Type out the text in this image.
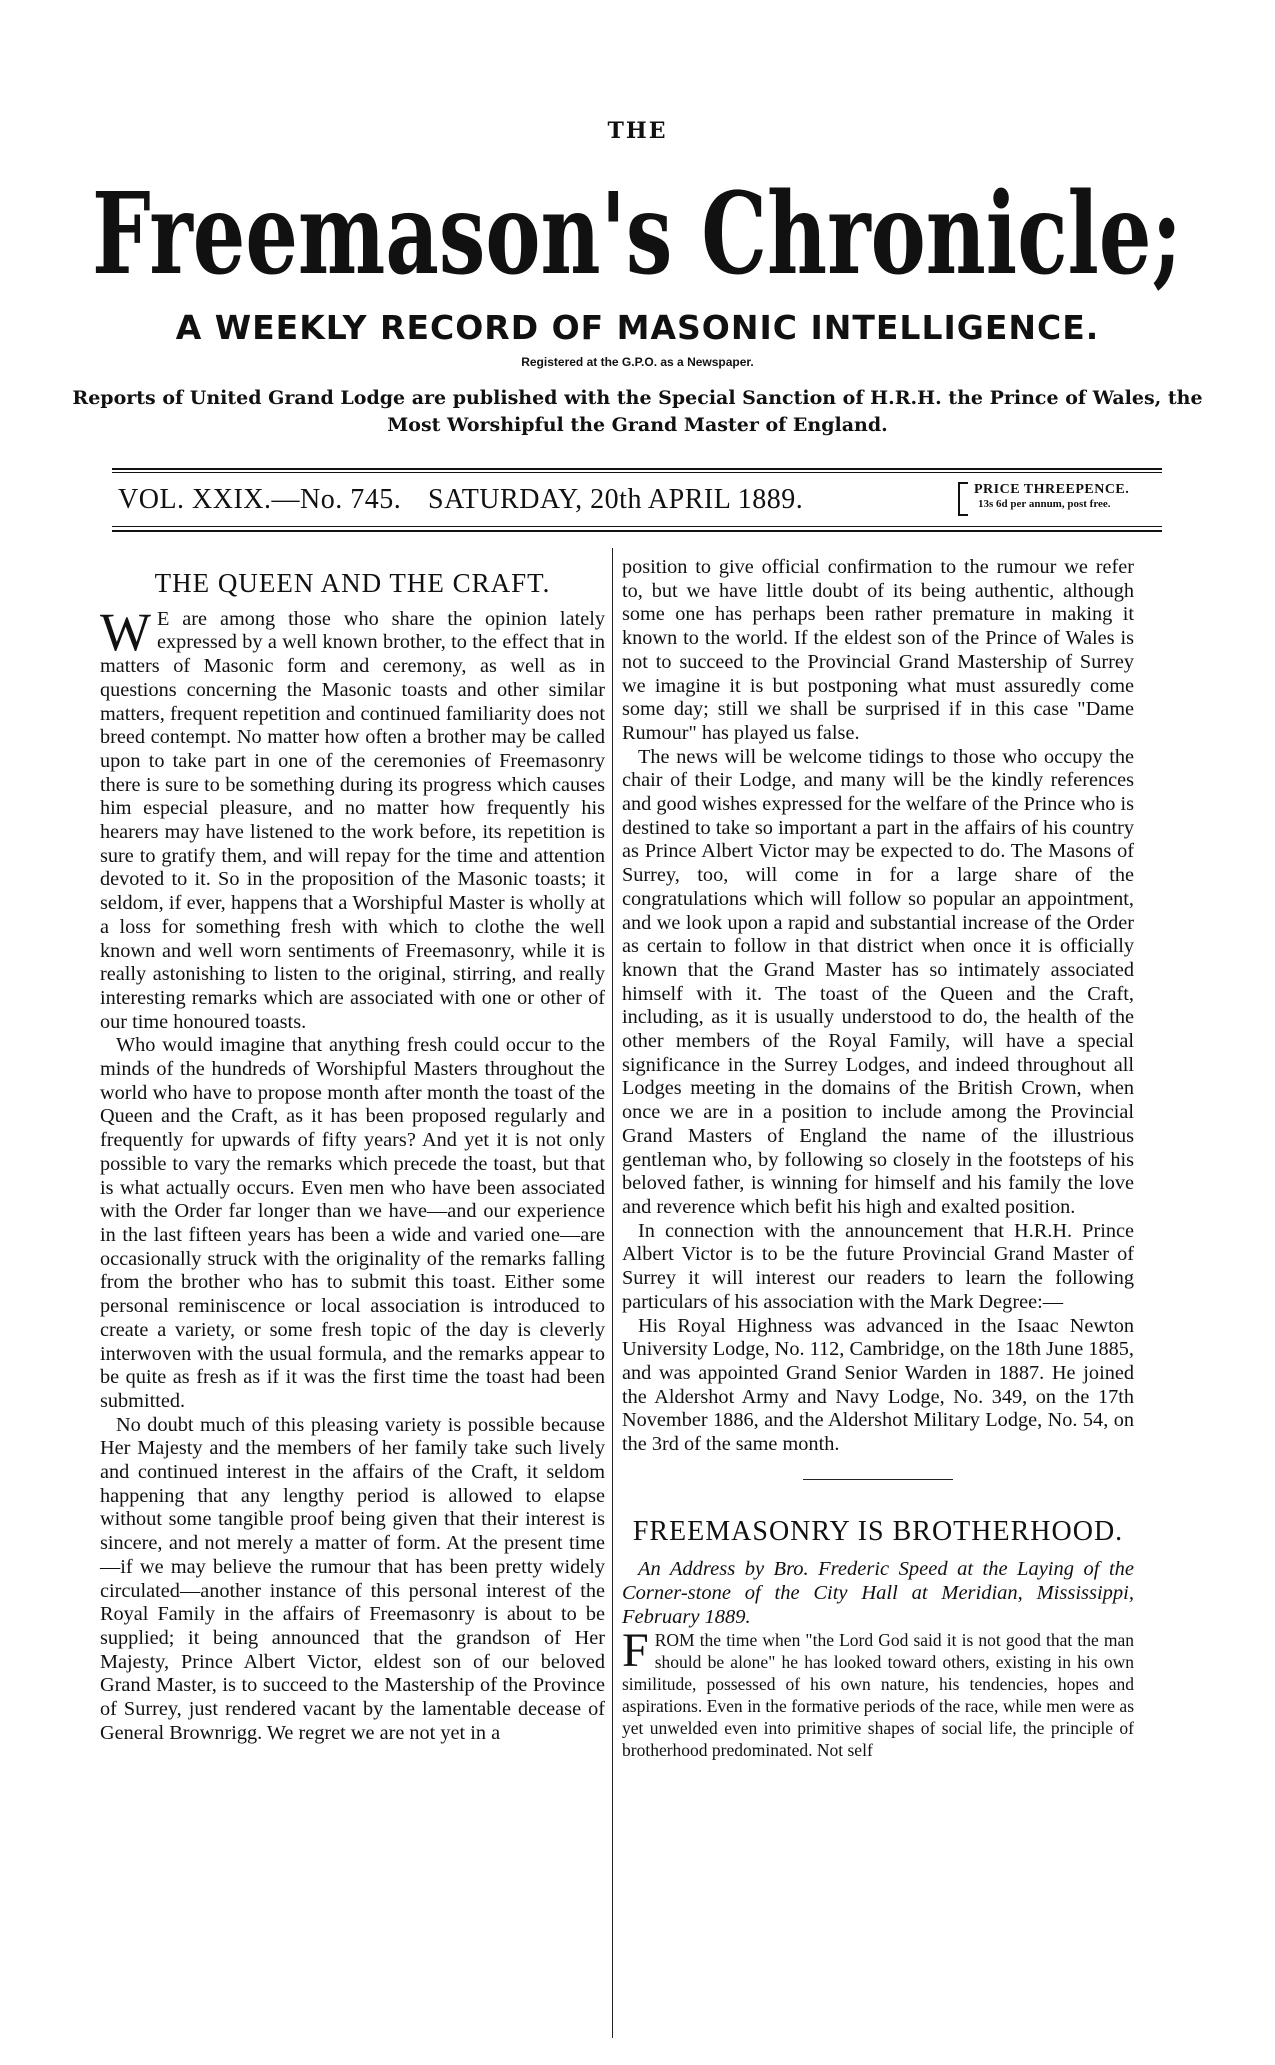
THE
Freemason's Chronicle;
A WEEKLY RECORD OF MASONIC INTELLIGENCE.
Registered at the G.P.O. as a Newspaper.
Reports of United Grand Lodge are published with the Special Sanction of H.R.H. the Prince of Wales, the Most Worshipful the Grand Master of England.
VOL. XXIX.—No. 745. SATURDAY, 20th APRIL 1889.	PRICE THREEPENCE.
13s 6d per annum, post free.
THE QUEEN AND THE CRAFT.

W E are among those who share the opinion lately expressed by a well known brother, to the effect that in matters of Masonic form and ceremony, as well as in questions concerning the Masonic toasts and other similar matters, frequent repetition and continued familiarity does not breed contempt. No matter how often a brother may be called upon to take part in one of the ceremonies of Freemasonry there is sure to be something during its progress which causes him especial pleasure, and no matter how frequently his hearers may have listened to the work before, its repetition is sure to gratify them, and will repay for the time and attention devoted to it. So in the proposition of the Masonic toasts; it seldom, if ever, happens that a Worshipful Master is wholly at a loss for something fresh with which to clothe the well known and well worn sentiments of Freemasonry, while it is really astonishing to listen to the original, stirring, and really interesting remarks which are associated with one or other of our time honoured toasts.

Who would imagine that anything fresh could occur to the minds of the hundreds of Worshipful Masters throughout the world who have to propose month after month the toast of the Queen and the Craft, as it has been proposed regularly and frequently for upwards of fifty years? And yet it is not only possible to vary the remarks which precede the toast, but that is what actually occurs. Even men who have been associated with the Order far longer than we have—and our experience in the last fifteen years has been a wide and varied one—are occasionally struck with the originality of the remarks falling from the brother who has to submit this toast. Either some personal reminiscence or local association is introduced to create a variety, or some fresh topic of the day is cleverly interwoven with the usual formula, and the remarks appear to be quite as fresh as if it was the first time the toast had been submitted.

No doubt much of this pleasing variety is possible because Her Majesty and the members of her family take such lively and continued interest in the affairs of the Craft, it seldom happening that any lengthy period is allowed to elapse without some tangible proof being given that their interest is sincere, and not merely a matter of form. At the present time—if we may believe the rumour that has been pretty widely circulated—another instance of this personal interest of the Royal Family in the affairs of Freemasonry is about to be supplied; it being announced that the grandson of Her Majesty, Prince Albert Victor, eldest son of our beloved Grand Master, is to succeed to the Mastership of the Province of Surrey, just rendered vacant by the lamentable decease of General Brownrigg. We regret we are not yet in a

position to give official confirmation to the rumour we refer to, but we have little doubt of its being authentic, although some one has perhaps been rather premature in making it known to the world. If the eldest son of the Prince of Wales is not to succeed to the Provincial Grand Mastership of Surrey we imagine it is but postponing what must assuredly come some day; still we shall be surprised if in this case "Dame Rumour" has played us false.

The news will be welcome tidings to those who occupy the chair of their Lodge, and many will be the kindly references and good wishes expressed for the welfare of the Prince who is destined to take so important a part in the affairs of his country as Prince Albert Victor may be expected to do. The Masons of Surrey, too, will come in for a large share of the congratulations which will follow so popular an appointment, and we look upon a rapid and substantial increase of the Order as certain to follow in that district when once it is officially known that the Grand Master has so intimately associated himself with it. The toast of the Queen and the Craft, including, as it is usually understood to do, the health of the other members of the Royal Family, will have a special significance in the Surrey Lodges, and indeed throughout all Lodges meeting in the domains of the British Crown, when once we are in a position to include among the Provincial Grand Masters of England the name of the illustrious gentleman who, by following so closely in the footsteps of his beloved father, is winning for himself and his family the love and reverence which befit his high and exalted position.

In connection with the announcement that H.R.H. Prince Albert Victor is to be the future Provincial Grand Master of Surrey it will interest our readers to learn the following particulars of his association with the Mark Degree:—

His Royal Highness was advanced in the Isaac Newton University Lodge, No. 112, Cambridge, on the 18th June 1885, and was appointed Grand Senior Warden in 1887. He joined the Aldershot Army and Navy Lodge, No. 349, on the 17th November 1886, and the Aldershot Military Lodge, No. 54, on the 3rd of the same month.

FREEMASONRY IS BROTHERHOOD.

An Address by Bro. Frederic Speed at the Laying of the Corner-stone of the City Hall at Meridian, Mississippi, February 1889.

FROM the time when "the Lord God said it is not good that the man should be alone" he has looked toward others, existing in his own similitude, possessed of his own nature, his tendencies, hopes and aspirations. Even in the formative periods of the race, while men were as yet unwelded even into primitive shapes of social life, the principle of brotherhood predominated. Not self
